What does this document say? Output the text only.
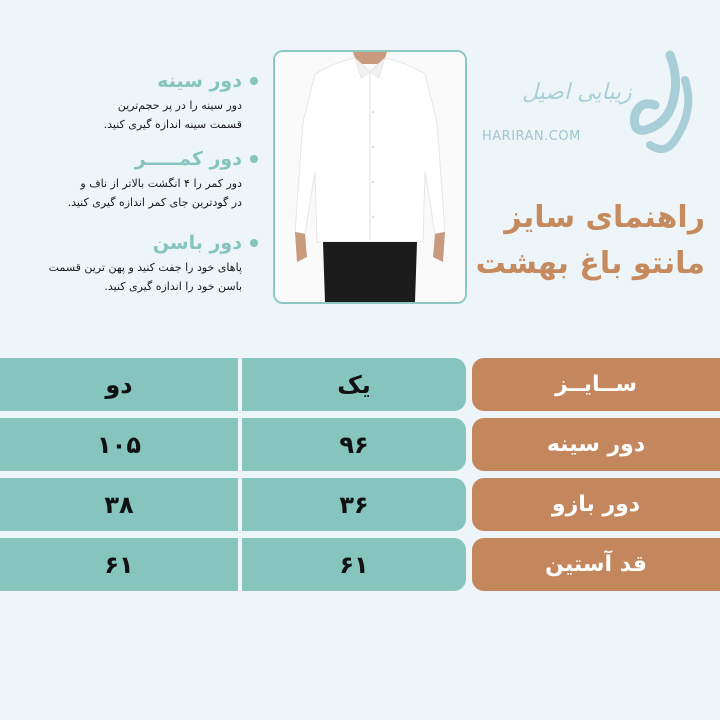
دور سینه

دور سینه را در پر حجم‌ترین
قسمت سینه اندازه گیری کنید.

دور کمـــــر

دور کمر را ۴ انگشت بالاتر از ناف و
در گودترین جای کمر اندازه گیری کنید.

دور باسن

پاهای خود را جفت کنید و پهن ترین قسمت
باسن خود را اندازه گیری کنید.

زیبایی اصیل
HARIRAN.COM
راهنمای سایز
مانتو باغ بهشت
دو	یک	ســایــز
۱۰۵	۹۶	دور سینه
۳۸	۳۶	دور بازو
۶۱	۶۱	قد آستین
